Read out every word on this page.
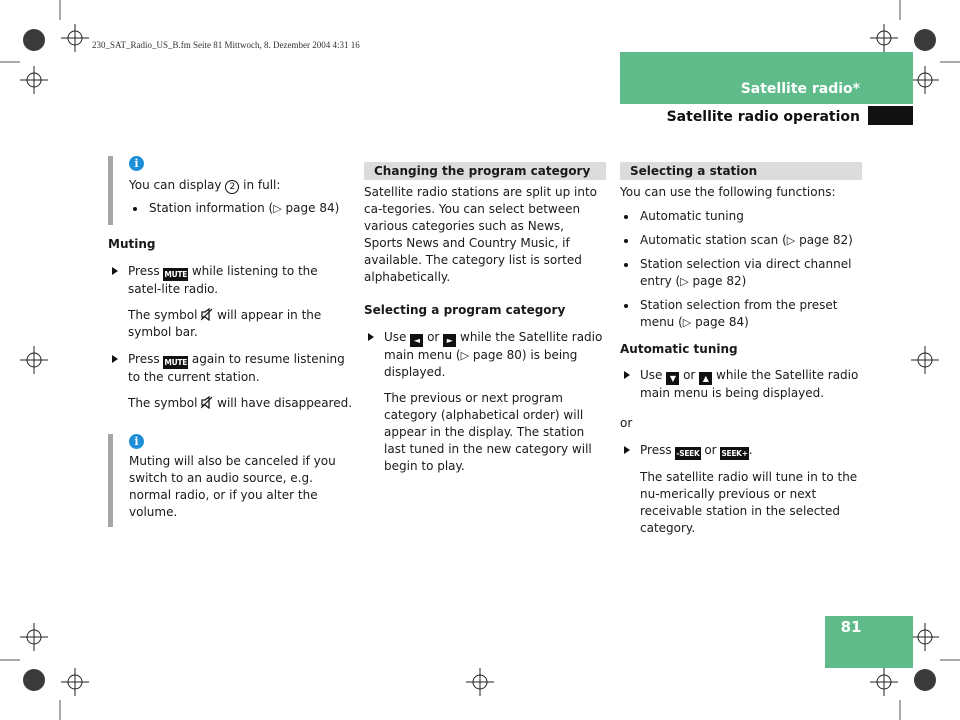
230_SAT_Radio_US_B.fm Seite 81 Mittwoch, 8. Dezember 2004 4:31 16
Satellite radio*
Satellite radio operation
81
i

You can display 2 in full:

Station information (▷ page 84)

Muting

Press MUTE while listening to the satel-lite radio.
The symbol will appear in the symbol bar.
Press MUTE again to resume listening to the current station.
The symbol will have disappeared.
i

Muting will also be canceled if you switch to an audio source, e.g. normal radio, or if you alter the volume.

Changing the program category

Satellite radio stations are split up into ca-tegories. You can select between various categories such as News, Sports News and Country Music, if available. The category list is sorted alphabetically.

Selecting a program category

Use ◄ or ► while the Satellite radio main menu (▷ page 80) is being displayed.

The previous or next program category (alphabetical order) will appear in the display. The station last tuned in the new category will begin to play.

Selecting a station

You can use the following functions:

Automatic tuning
Automatic station scan (▷ page 82)
Station selection via direct channel entry (▷ page 82)
Station selection from the preset menu (▷ page 84)

Automatic tuning

Use ▼ or ▲ while the Satellite radio main menu is being displayed.

or

Press -SEEK or SEEK+.

The satellite radio will tune in to the nu-merically previous or next receivable station in the selected category.
